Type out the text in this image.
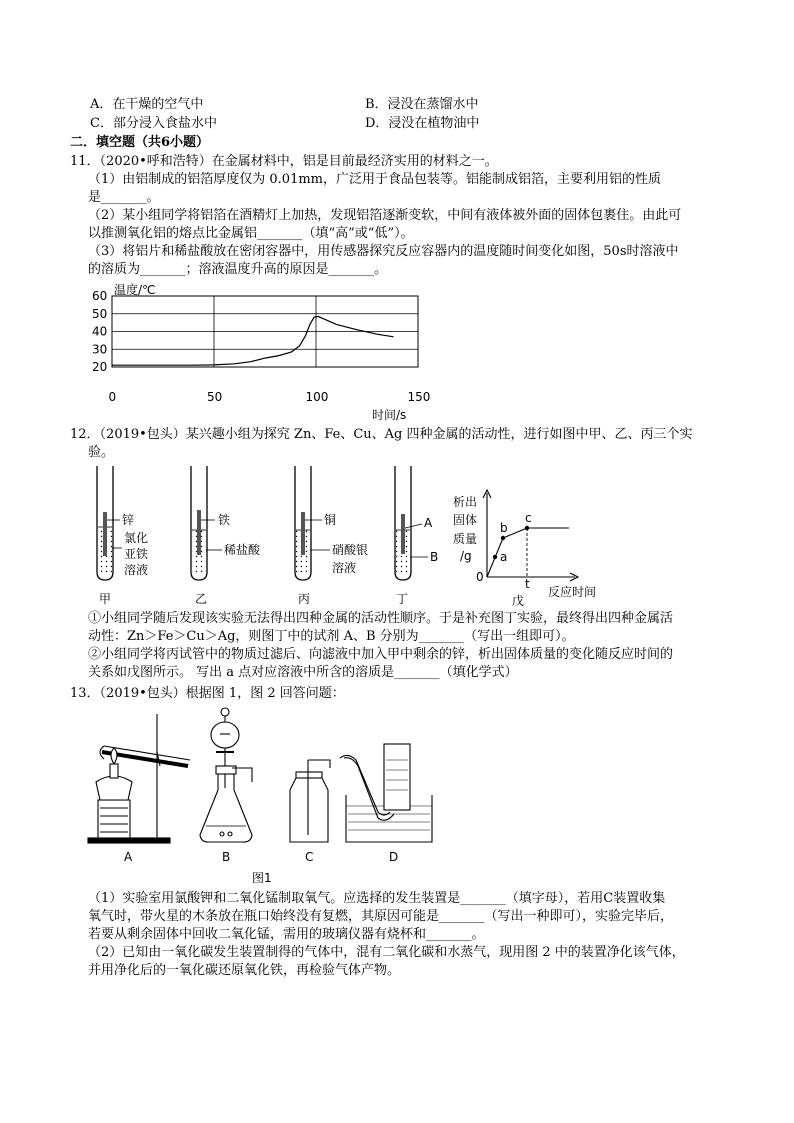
A．在干燥的空气中	B．浸没在蒸馏水中
C．部分浸入食盐水中	D．浸没在植物油中
二．填空题（共6小题）
11．（2020•呼和浩特）在金属材料中，铝是目前最经济实用的材料之一。
（1）由铝制成的铝箔厚度仅为 0.01mm，广泛用于食品包装等。铝能制成铝箔，主要利用铝的性质
是_______。
（2）某小组同学将铝箔在酒精灯上加热，发现铝箔逐渐变软，中间有液体被外面的固体包裹住。由此可
以推测氧化铝的熔点比金属铝_______（填“高”或“低”）。
（3）将铝片和稀盐酸放在密闭容器中，用传感器探究反应容器内的温度随时间变化如图，50s时溶液中
的溶质为_______；溶液温度升高的原因是_______。
20
30
40
50
60
0	50	100	150
温度/℃
时间/s
12．（2019•包头）某兴趣小组为探究 Zn、Fe、Cu、Ag 四种金属的活动性，进行如图中甲、乙、丙三个实
验。
锌
氯化
亚铁
溶液
甲
铁
稀盐酸
乙
铜
硝酸银
溶液
丙
A
B
丁
析出
固体
质量
/g
0
a
b
c
t
反应时间
戊
①小组同学随后发现该实验无法得出四种金属的活动性顺序。于是补充图丁实验，最终得出四种金属活
动性：Zn＞Fe＞Cu＞Ag，则图丁中的试剂 A、B 分别为_______（写出一组即可）。
②小组同学将丙试管中的物质过滤后、向滤液中加入甲中剩余的锌，析出固体质量的变化随反应时间的
关系如戊图所示。 写出 a 点对应溶液中所含的溶质是_______（填化学式）
13．（2019•包头）根据图 1，图 2 回答问题：
A	B	C	D
图1
（1）实验室用氯酸钾和二氧化锰制取氧气。应选择的发生装置是_______（填字母），若用C装置收集
氧气时，带火星的木条放在瓶口始终没有复燃，其原因可能是_______（写出一种即可），实验完毕后，
若要从剩余固体中回收二氧化锰，需用的玻璃仪器有烧杯和_______。
（2）已知由一氧化碳发生装置制得的气体中，混有二氧化碳和水蒸气，现用图 2 中的装置净化该气体，
并用净化后的一氧化碳还原氧化铁，再检验气体产物。
